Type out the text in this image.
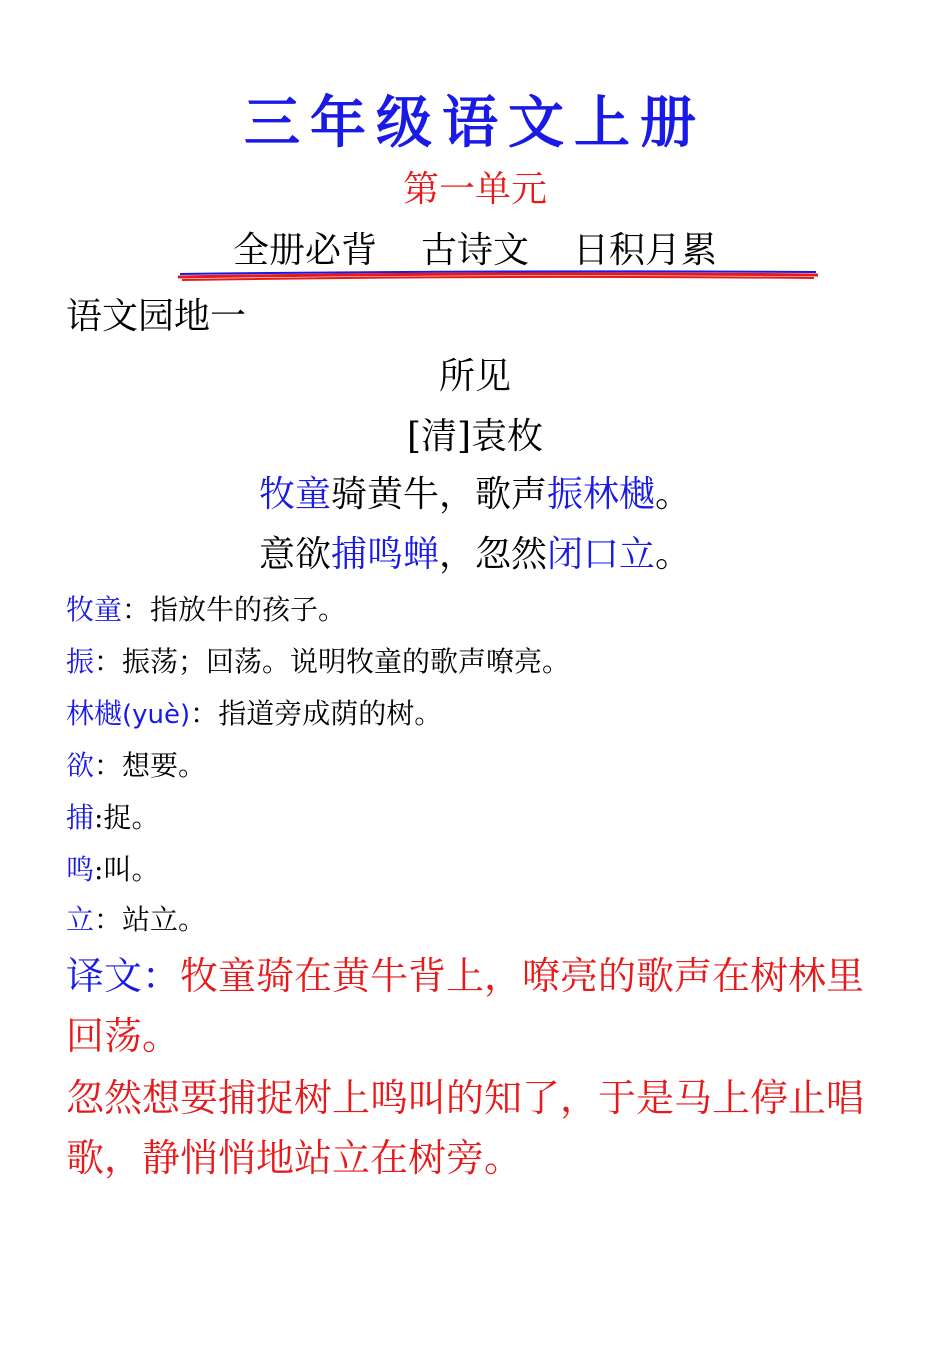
三年级语文上册
第一单元
全册必背 古诗文 日积月累
语文园地一
所见
[清]袁枚
牧童骑黄牛，歌声振林樾。
意欲捕鸣蝉，忽然闭口立。
牧童：指放牛的孩子。
振：振荡；回荡。说明牧童的歌声嘹亮。
林樾(yuè)：指道旁成荫的树。
欲：想要。
捕:捉。
鸣:叫。
立：站立。
译文：牧童骑在黄牛背上，嘹亮的歌声在树林里回荡。
忽然想要捕捉树上鸣叫的知了，于是马上停止唱歌，静悄悄地站立在树旁。
